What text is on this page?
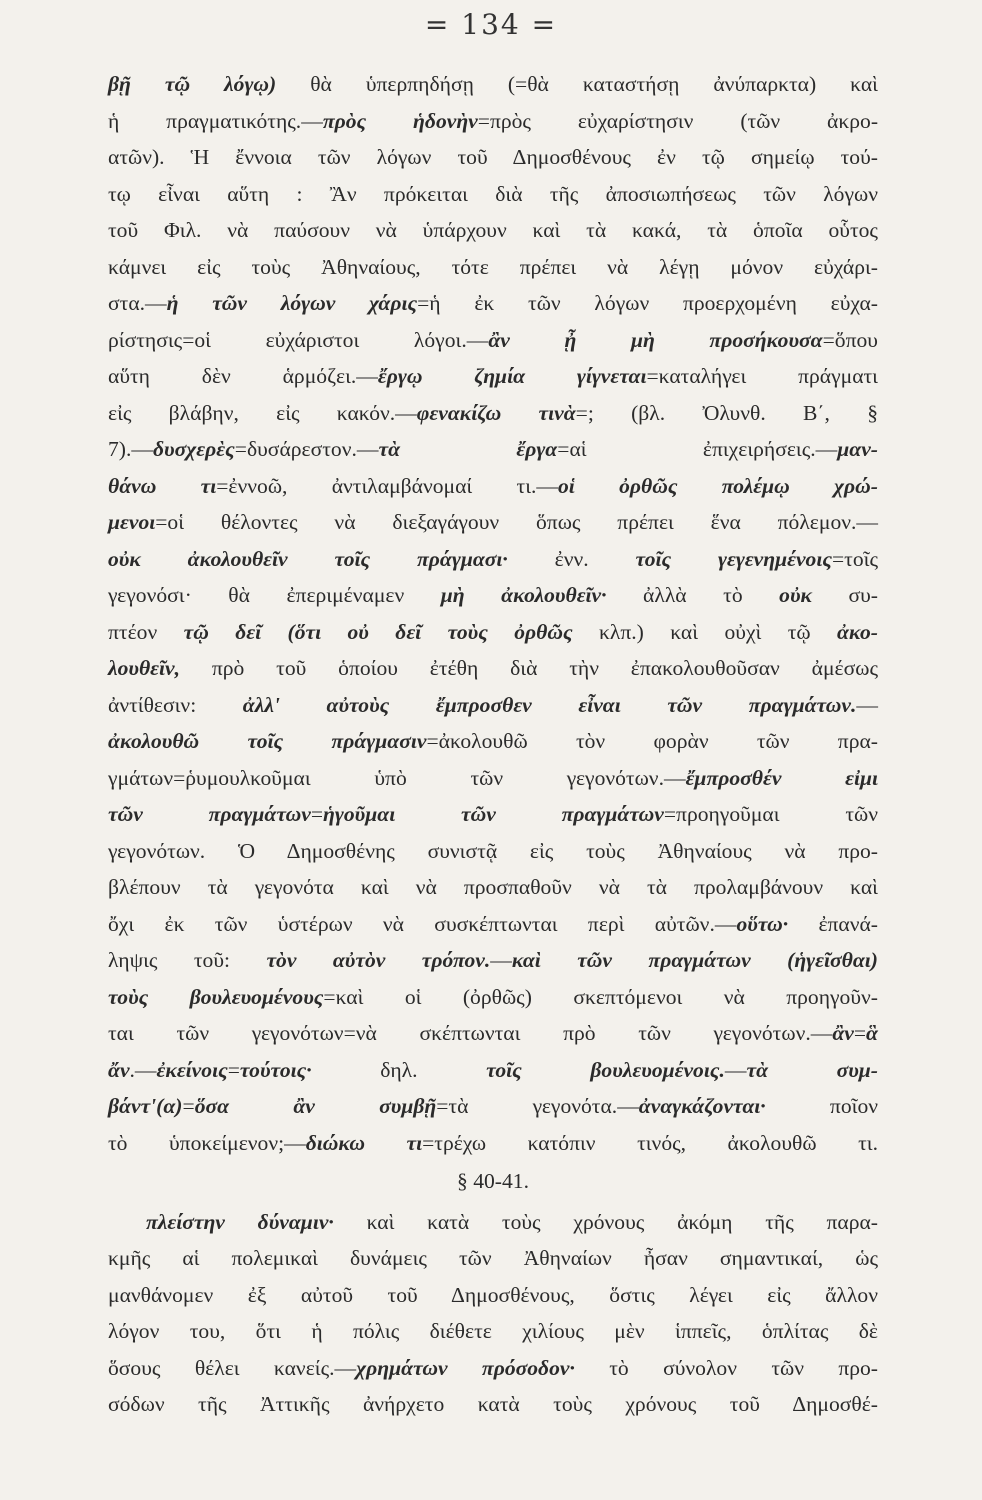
= 134 =
βῇ τῷ λόγῳ) θὰ ὑπερπηδήσῃ (=θὰ καταστήσῃ ἀνύπαρκτα) καὶ
ἡ πραγματικότης.—πρὸς ἡδονὴν=πρὸς εὐχαρίστησιν (τῶν ἀκρο-
ατῶν). Ἡ ἔννοια τῶν λόγων τοῦ Δημοσθένους ἐν τῷ σημείῳ τού-
τῳ εἶναι αὕτη : Ἂν πρόκειται διὰ τῆς ἀποσιωπήσεως τῶν λόγων
τοῦ Φιλ. νὰ παύσουν νὰ ὑπάρχουν καὶ τὰ κακά, τὰ ὁποῖα οὗτος
κάμνει εἰς τοὺς Ἀθηναίους, τότε πρέπει νὰ λέγῃ μόνον εὐχάρι-
στα.—ἡ τῶν λόγων χάρις=ἡ ἐκ τῶν λόγων προερχομένη εὐχα-
ρίστησις=οἱ εὐχάριστοι λόγοι.—ἂν ᾖ μὴ προσήκουσα=ὅπου
αὕτη δὲν ἁρμόζει.—ἔργῳ ζημία γίγνεται=καταλήγει πράγματι
εἰς βλάβην, εἰς κακόν.—φενακίζω τινὰ=; (βλ. Ὀλυνθ. Β΄, §
7).—δυσχερὲς=δυσάρεστον.—τὰ ἔργα=αἱ ἐπιχειρήσεις.—μαν-
θάνω τι=ἐννοῶ, ἀντιλαμβάνομαί τι.—οἱ ὀρθῶς πολέμῳ χρώ-
μενοι=οἱ θέλοντες νὰ διεξαγάγουν ὅπως πρέπει ἕνα πόλεμον.—
οὐκ ἀκολουθεῖν τοῖς πράγμασι· ἐνν. τοῖς γεγενημένοις=τοῖς
γεγονόσι· θὰ ἐπεριμέναμεν μὴ ἀκολουθεῖν· ἀλλὰ τὸ οὐκ συ-
πτέον τῷ δεῖ (ὅτι οὐ δεῖ τοὺς ὀρθῶς κλπ.) καὶ οὐχὶ τῷ ἀκο-
λουθεῖν, πρὸ τοῦ ὁποίου ἐτέθη διὰ τὴν ἐπακολουθοῦσαν ἀμέσως
ἀντίθεσιν: ἀλλ' αὐτοὺς ἔμπροσθεν εἶναι τῶν πραγμάτων.—
ἀκολουθῶ τοῖς πράγμασιν=ἀκολουθῶ τὸν φορὰν τῶν πρα-
γμάτων=ῥυμουλκοῦμαι ὑπὸ τῶν γεγονότων.—ἔμπροσθέν εἰμι
τῶν πραγμάτων=ἡγοῦμαι τῶν πραγμάτων=προηγοῦμαι τῶν
γεγονότων. Ὁ Δημοσθένης συνιστᾷ εἰς τοὺς Ἀθηναίους νὰ προ-
βλέπουν τὰ γεγονότα καὶ νὰ προσπαθοῦν νὰ τὰ προλαμβάνουν καὶ
ὄχι ἐκ τῶν ὑστέρων νὰ συσκέπτωνται περὶ αὐτῶν.—οὕτω· ἐπανά-
ληψις τοῦ: τὸν αὐτὸν τρόπον.—καὶ τῶν πραγμάτων (ἡγεῖσθαι)
τοὺς βουλευομένους=καὶ οἱ (ὀρθῶς) σκεπτόμενοι νὰ προηγοῦν-
ται τῶν γεγονότων=νὰ σκέπτωνται πρὸ τῶν γεγονότων.—ἂν=ἃ
ἄν.—ἐκείνοις=τούτοις· δηλ. τοῖς βουλευομένοις.—τὰ συμ-
βάντ'(α)=ὅσα ἂν συμβῇ=τὰ γεγονότα.—ἀναγκάζονται· ποῖον
τὸ ὑποκείμενον;—διώκω τι=τρέχω κατόπιν τινός, ἀκολουθῶ τι.
§ 40-41.
πλείστην δύναμιν· καὶ κατὰ τοὺς χρόνους ἀκόμη τῆς παρα-
κμῆς αἱ πολεμικαὶ δυνάμεις τῶν Ἀθηναίων ἦσαν σημαντικαί, ὡς
μανθάνομεν ἐξ αὐτοῦ τοῦ Δημοσθένους, ὅστις λέγει εἰς ἄλλον
λόγον του, ὅτι ἡ πόλις διέθετε χιλίους μὲν ἱππεῖς, ὁπλίτας δὲ
ὅσους θέλει κανείς.—χρημάτων πρόσοδον· τὸ σύνολον τῶν προ-
σόδων τῆς Ἀττικῆς ἀνήρχετο κατὰ τοὺς χρόνους τοῦ Δημοσθέ-
